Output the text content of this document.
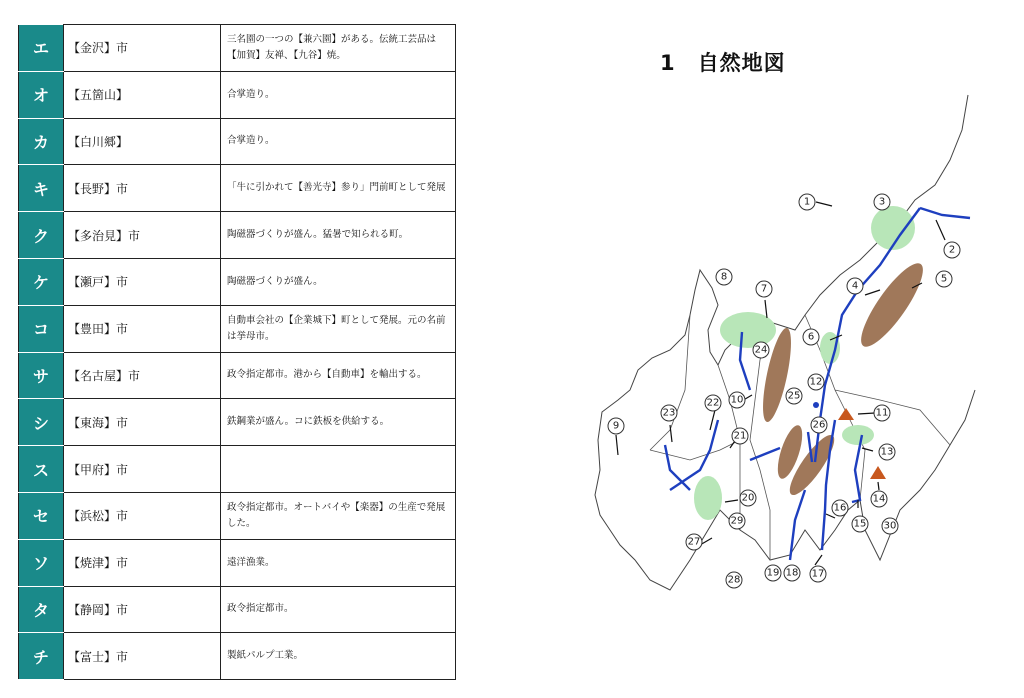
エ	【金沢】市	三名園の一つの【兼六園】がある。伝統工芸品は【加賀】友禅、【九谷】焼。
オ	【五箇山】	合掌造り。
カ	【白川郷】	合掌造り。
キ	【長野】市	「牛に引かれて【善光寺】参り」門前町として発展
ク	【多治見】市	陶磁器づくりが盛ん。猛暑で知られる町。
ケ	【瀬戸】市	陶磁器づくりが盛ん。
コ	【豊田】市	自動車会社の【企業城下】町として発展。元の名前は挙母市。
サ	【名古屋】市	政令指定都市。港から【自動車】を輸出する。
シ	【東海】市	鉄鋼業が盛ん。コに鉄板を供給する。
ス	【甲府】市	
セ	【浜松】市	政令指定都市。オートバイや【楽器】の生産で発展した。
ソ	【焼津】市	遠洋漁業。
タ	【静岡】市	政令指定都市。
チ	【富士】市	製紙パルプ工業。
1　自然地図
1
2
3
4
5
6
7
8
9
10
11
12
13
14
15
16
17
18
19
20
21
22
23
24
25
26
27
28
29	30
